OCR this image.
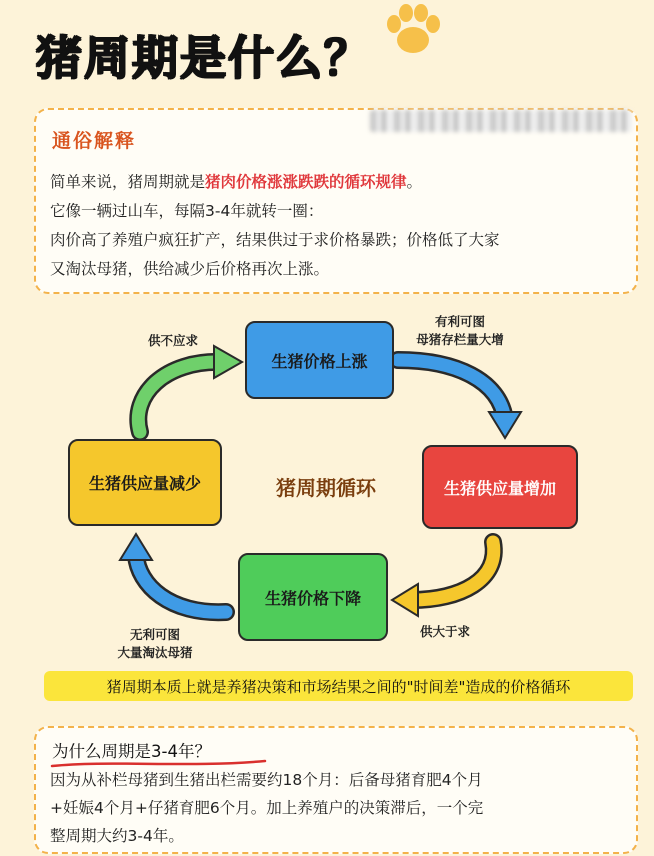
猪周期是什么？
通俗解释
简单来说，猪周期就是猪肉价格涨涨跌跌的循环规律。
它像一辆过山车，每隔3-4年就转一圈：
肉价高了养殖户疯狂扩产，结果供过于求价格暴跌；价格低了大家
又淘汰母猪，供给减少后价格再次上涨。
生猪价格上涨
生猪供应量增加
生猪价格下降
生猪供应量减少	猪周期循环
供不应求
有利可图
母猪存栏量大增
供大于求
无利可图
大量淘汰母猪
猪周期本质上就是养猪决策和市场结果之间的"时间差"造成的价格循环
为什么周期是3-4年？
因为从补栏母猪到生猪出栏需要约18个月：后备母猪育肥4个月
+妊娠4个月+仔猪育肥6个月。加上养殖户的决策滞后，一个完
整周期大约3-4年。
